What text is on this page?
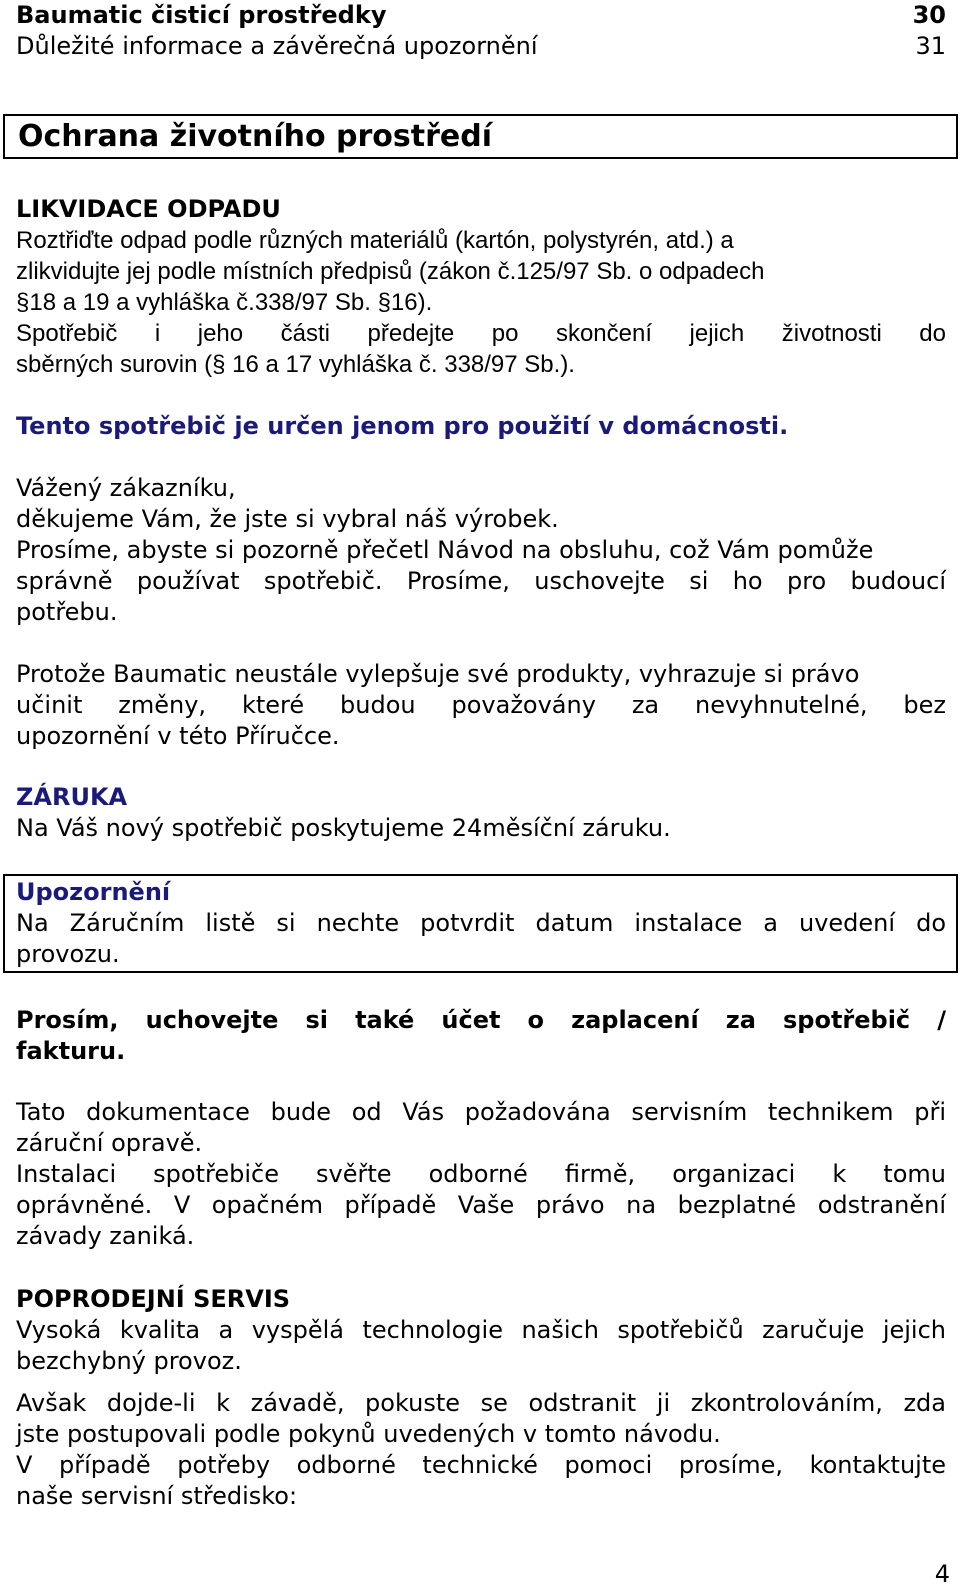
Baumatic čisticí prostředky	30
Důležité informace a závěrečná upozornění	31
Ochrana životního prostředí
LIKVIDACE ODPADU
Roztřiďte odpad podle různých materiálů (kartón, polystyrén, atd.) a
zlikvidujte jej podle místních předpisů (zákon č.125/97 Sb. o odpadech
§18 a 19 a vyhláška č.338/97 Sb. §16).
Spotřebič i jeho části předejte po skončení jejich životnosti do
sběrných surovin (§ 16 a 17 vyhláška č. 338/97 Sb.).
Tento spotřebič je určen jenom pro použití v domácnosti.
Vážený zákazníku,
děkujeme Vám, že jste si vybral náš výrobek.
Prosíme, abyste si pozorně přečetl Návod na obsluhu, což Vám pomůže
správně používat spotřebič. Prosíme, uschovejte si ho pro budoucí
potřebu.
Protože Baumatic neustále vylepšuje své produkty, vyhrazuje si právo
učinit změny, které budou považovány za nevyhnutelné, bez
upozornění v této Příručce.
ZÁRUKA
Na Váš nový spotřebič poskytujeme 24měsíční záruku.
Upozornění
Na Záručním listě si nechte potvrdit datum instalace a uvedení do
provozu.
Prosím, uchovejte si také účet o zaplacení za spotřebič /
fakturu.
Tato dokumentace bude od Vás požadována servisním technikem při
záruční opravě.
Instalaci spotřebiče svěřte odborné firmě, organizaci k tomu
oprávněné. V opačném případě Vaše právo na bezplatné odstranění
závady zaniká.
POPRODEJNÍ SERVIS
Vysoká kvalita a vyspělá technologie našich spotřebičů zaručuje jejich
bezchybný provoz.
Avšak dojde-li k závadě, pokuste se odstranit ji zkontrolováním, zda
jste postupovali podle pokynů uvedených v tomto návodu.
V případě potřeby odborné technické pomoci prosíme, kontaktujte
naše servisní středisko:
4
